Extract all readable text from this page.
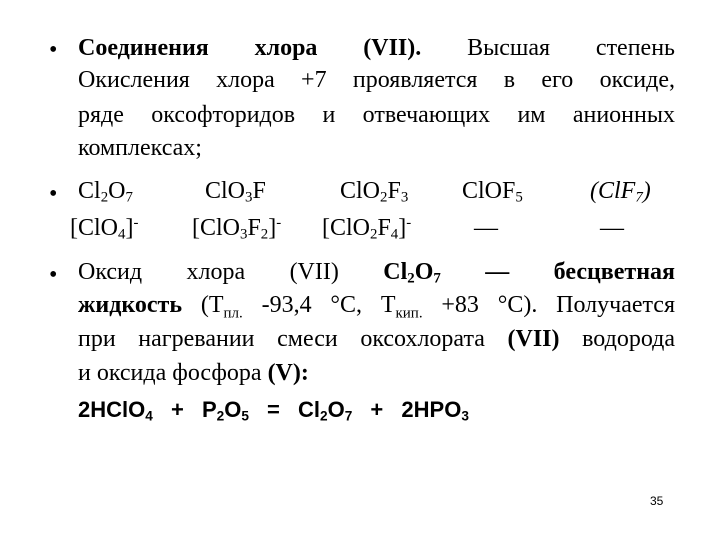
• Соединения хлора (VII). Высшая степень
Окисления хлора +7 проявляется в его оксиде,
ряде оксофторидов и отвечающих им анионных
комплексах;
• $Cl_2O_7$	ClO$_3$F	$ClO_2F_3$ ClOF$_5$	(ClF$_7$)
[ClO$_4$]- $[ClO_3F_2]^-$ $[ClO_2F_4]^-$	—	—
• Оксид хлора (VII) $Cl_2O_7$ — бесцветная
жидкость ($Т_{пл.}$ -93,4 °С, $Т_{кип.} +83$ °С). Получается
при нагревании смеси оксохлората (VII) водорода
и оксида фосфора (V):
2HClO$_4$ + $P_2O_5 = Cl_2O_7 + 2HPO_3$
35
